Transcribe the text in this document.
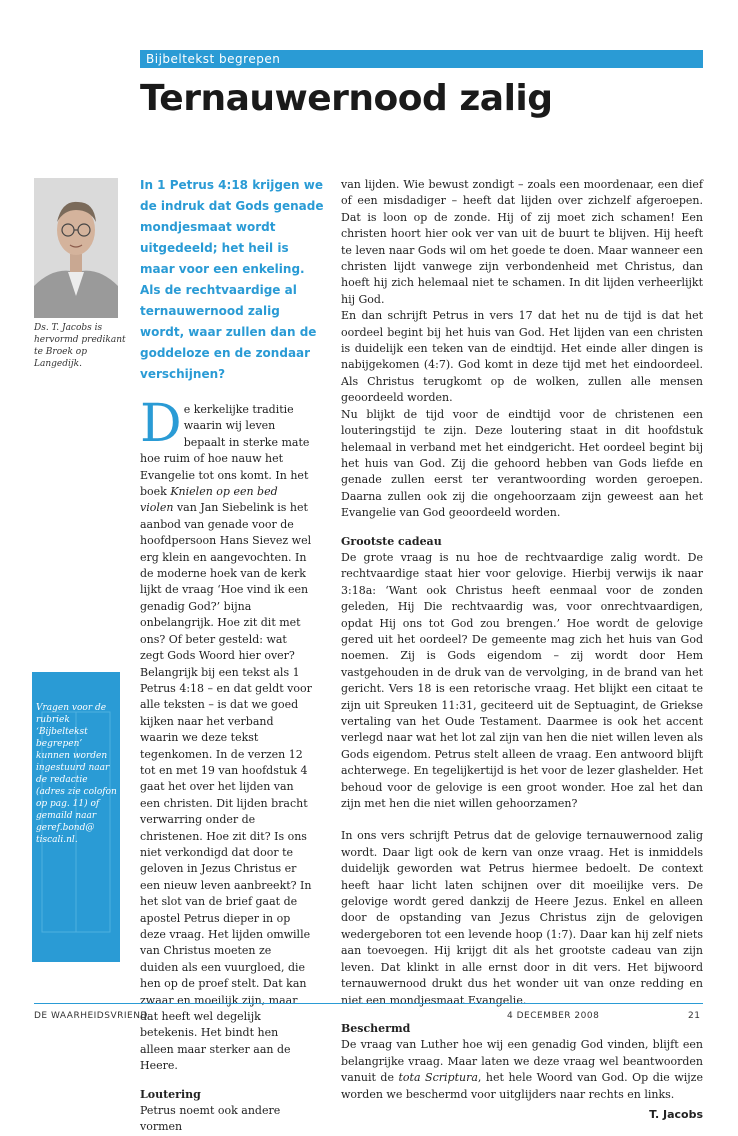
Bijbeltekst begrepen
Ternauwernood zalig
Ds. T. Jacobs is hervormd predikant te Broek op Langedijk.
Vragen voor de rubriek ‘Bijbeltekst begrepen’ kunnen worden ingestuurd naar de redactie (adres zie colofon op pag. 11) of gemaild naar geref.bond@ tiscali.nl.
In 1 Petrus 4:18 krijgen we de indruk dat Gods genade mondjesmaat wordt uitgedeeld; het heil is maar voor een enkeling. Als de rechtvaardige al ternauwernood zalig wordt, waar zullen dan de goddeloze en de zondaar verschijnen?

De kerkelijke traditie waarin wij leven bepaalt in sterke mate hoe ruim of hoe nauw het Evangelie tot ons komt. In het boek Knielen op een bed violen van Jan Siebelink is het aanbod van genade voor de hoofdpersoon Hans Sievez wel erg klein en aangevochten. In de moderne hoek van de kerk lijkt de vraag ‘Hoe vind ik een genadig God?’ bijna onbelangrijk. Hoe zit dit met ons? Of beter gesteld: wat zegt Gods Woord hier over? Belangrijk bij een tekst als 1 Petrus 4:18 – en dat geldt voor alle teksten – is dat we goed kijken naar het verband waarin we deze tekst tegenkomen. In de verzen 12 tot en met 19 van hoofdstuk 4 gaat het over het lijden van een christen. Dit lijden bracht verwarring onder de christenen. Hoe zit dit? Is ons niet verkondigd dat door te geloven in Jezus Christus er een nieuw leven aanbreekt? In het slot van de brief gaat de apostel Petrus dieper in op deze vraag. Het lijden omwille van Christus moeten ze duiden als een vuurgloed, die hen op de proef stelt. Dat kan zwaar en moeilijk zijn, maar dat heeft wel degelijk betekenis. Het bindt hen alleen maar sterker aan de Heere.

Loutering

Petrus noemt ook andere vormen

van lijden. Wie bewust zondigt – zoals een moordenaar, een dief of een misdadiger – heeft dat lijden over zichzelf afgeroepen. Dat is loon op de zonde. Hij of zij moet zich schamen! Een christen hoort hier ook ver van uit de buurt te blijven. Hij heeft te leven naar Gods wil om het goede te doen. Maar wanneer een christen lijdt vanwege zijn verbondenheid met Christus, dan hoeft hij zich helemaal niet te schamen. In dit lijden verheerlijkt hij God.

En dan schrijft Petrus in vers 17 dat het nu de tijd is dat het oordeel begint bij het huis van God. Het lijden van een christen is duidelijk een teken van de eindtijd. Het einde aller dingen is nabijgekomen (4:7). God komt in deze tijd met het eindoordeel. Als Christus terugkomt op de wolken, zullen alle mensen geoordeeld worden.

Nu blijkt de tijd voor de eindtijd voor de christenen een louteringstijd te zijn. Deze loutering staat in dit hoofdstuk helemaal in verband met het eindgericht. Het oordeel begint bij het huis van God. Zij die gehoord hebben van Gods liefde en genade zullen eerst ter verantwoording worden geroepen. Daarna zullen ook zij die ongehoorzaam zijn geweest aan het Evangelie van God geoordeeld worden.

Grootste cadeau

De grote vraag is nu hoe de rechtvaardige zalig wordt. De rechtvaardige staat hier voor gelovige. Hierbij verwijs ik naar 3:18a: ‘Want ook Christus heeft eenmaal voor de zonden geleden, Hij Die rechtvaardig was, voor onrechtvaardigen, opdat Hij ons tot God zou brengen.’ Hoe wordt de gelovige gered uit het oordeel? De gemeente mag zich het huis van God noemen. Zij is Gods eigendom – zij wordt door Hem vastgehouden in de druk van de vervolging, in de brand van het gericht. Vers 18 is een retorische vraag. Het blijkt een citaat te zijn uit Spreuken 11:31, geciteerd uit de Septuagint, de Griekse vertaling van het Oude Testament. Daarmee is ook het accent verlegd naar wat het lot zal zijn van hen die niet willen leven als Gods eigendom. Petrus stelt alleen de vraag. Een antwoord blijft achterwege. En tegelijkertijd is het voor de lezer glashelder. Het behoud voor de gelovige is een groot wonder. Hoe zal het dan zijn met hen die niet willen gehoorzamen?

In ons vers schrijft Petrus dat de gelovige ternauwernood zalig wordt. Daar ligt ook de kern van onze vraag. Het is inmiddels duidelijk geworden wat Petrus hiermee bedoelt. De context heeft haar licht laten schijnen over dit moeilijke vers. De gelovige wordt gered dankzij de Heere Jezus. Enkel en alleen door de opstanding van Jezus Christus zijn de gelovigen wedergeboren tot een levende hoop (1:7). Daar kan hij zelf niets aan toevoegen. Hij krijgt dit als het grootste cadeau van zijn leven. Dat klinkt in alle ernst door in dit vers. Het bijwoord ternauwernood drukt dus het wonder uit van onze redding en niet een mondjesmaat Evangelie.

Beschermd

De vraag van Luther hoe wij een genadig God vinden, blijft een belangrijke vraag. Maar laten we deze vraag wel beantwoorden vanuit de tota Scriptura, het hele Woord van God. Op die wijze worden we beschermd voor uitglijders naar rechts en links.

T. Jacobs

DE WAARHEIDSVRIEND	4 DECEMBER 2008	21
